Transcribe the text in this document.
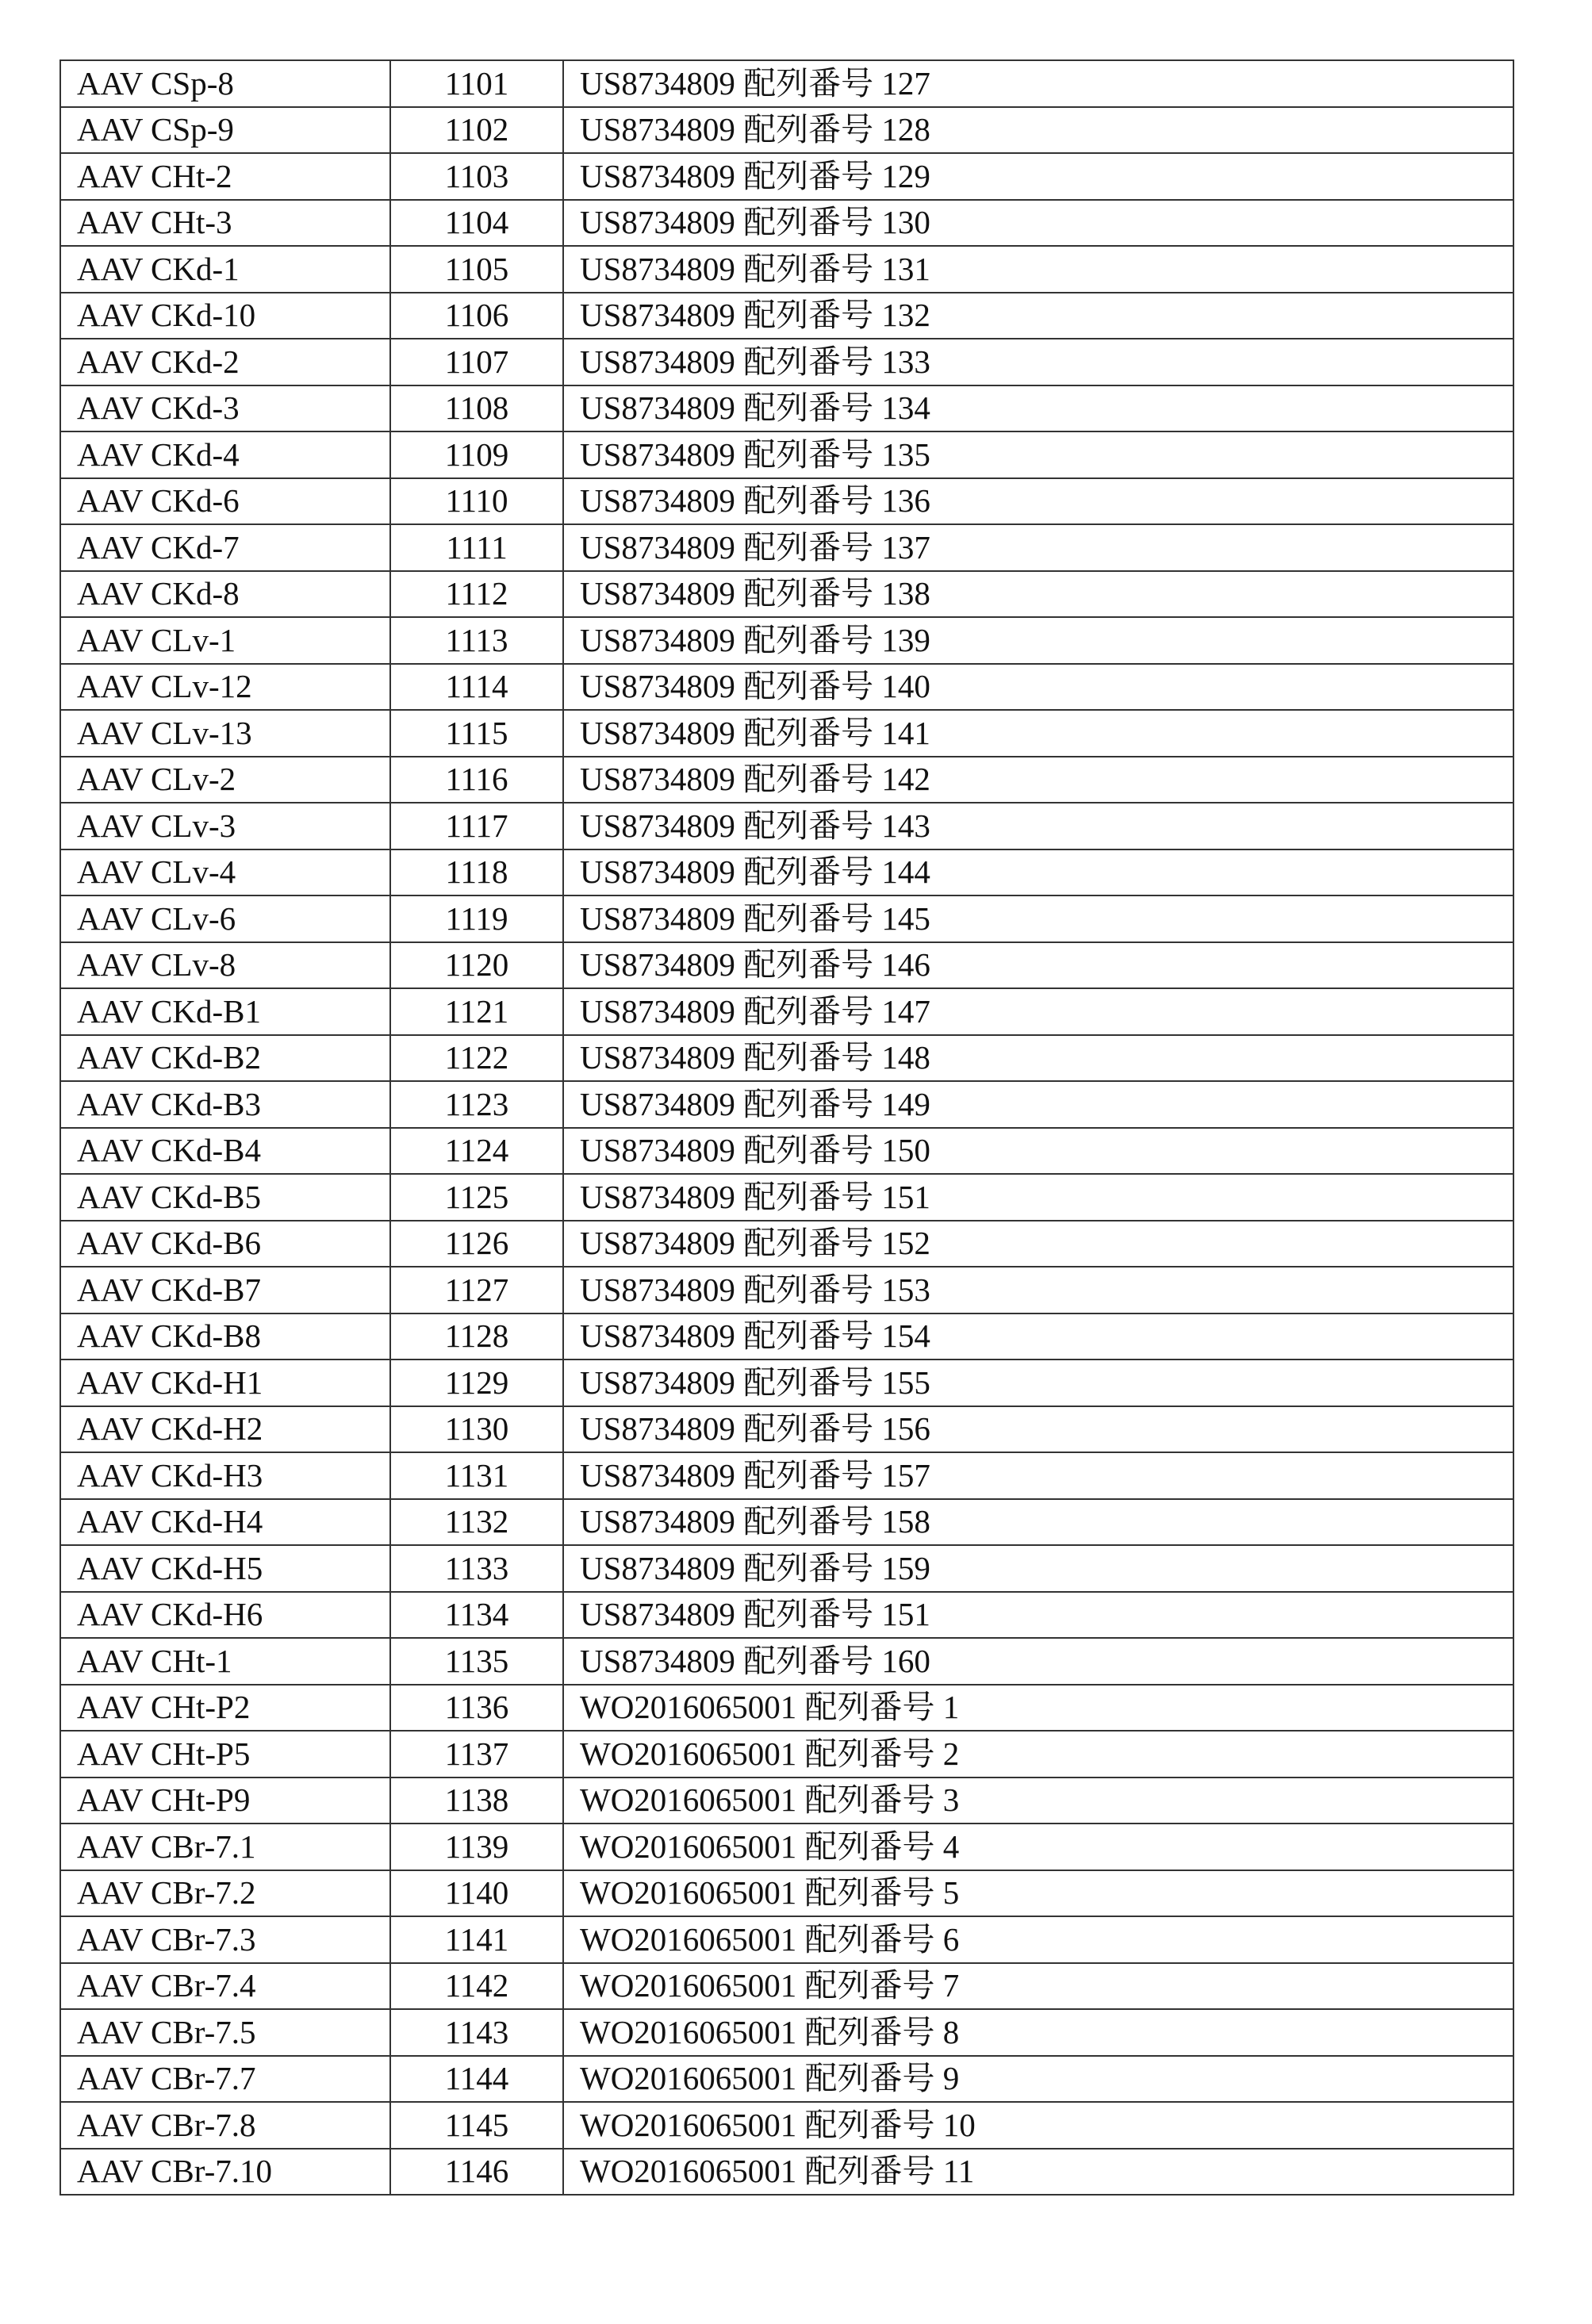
AAV CSp-8	1101	US8734809 配列番号 127
AAV CSp-9	1102	US8734809 配列番号 128
AAV CHt-2	1103	US8734809 配列番号 129
AAV CHt-3	1104	US8734809 配列番号 130
AAV CKd-1	1105	US8734809 配列番号 131
AAV CKd-10	1106	US8734809 配列番号 132
AAV CKd-2	1107	US8734809 配列番号 133
AAV CKd-3	1108	US8734809 配列番号 134
AAV CKd-4	1109	US8734809 配列番号 135
AAV CKd-6	1110	US8734809 配列番号 136
AAV CKd-7	1111	US8734809 配列番号 137
AAV CKd-8	1112	US8734809 配列番号 138
AAV CLv-1	1113	US8734809 配列番号 139
AAV CLv-12	1114	US8734809 配列番号 140
AAV CLv-13	1115	US8734809 配列番号 141
AAV CLv-2	1116	US8734809 配列番号 142
AAV CLv-3	1117	US8734809 配列番号 143
AAV CLv-4	1118	US8734809 配列番号 144
AAV CLv-6	1119	US8734809 配列番号 145
AAV CLv-8	1120	US8734809 配列番号 146
AAV CKd-B1	1121	US8734809 配列番号 147
AAV CKd-B2	1122	US8734809 配列番号 148
AAV CKd-B3	1123	US8734809 配列番号 149
AAV CKd-B4	1124	US8734809 配列番号 150
AAV CKd-B5	1125	US8734809 配列番号 151
AAV CKd-B6	1126	US8734809 配列番号 152
AAV CKd-B7	1127	US8734809 配列番号 153
AAV CKd-B8	1128	US8734809 配列番号 154
AAV CKd-H1	1129	US8734809 配列番号 155
AAV CKd-H2	1130	US8734809 配列番号 156
AAV CKd-H3	1131	US8734809 配列番号 157
AAV CKd-H4	1132	US8734809 配列番号 158
AAV CKd-H5	1133	US8734809 配列番号 159
AAV CKd-H6	1134	US8734809 配列番号 151
AAV CHt-1	1135	US8734809 配列番号 160
AAV CHt-P2	1136	WO2016065001 配列番号 1
AAV CHt-P5	1137	WO2016065001 配列番号 2
AAV CHt-P9	1138	WO2016065001 配列番号 3
AAV CBr-7.1	1139	WO2016065001 配列番号 4
AAV CBr-7.2	1140	WO2016065001 配列番号 5
AAV CBr-7.3	1141	WO2016065001 配列番号 6
AAV CBr-7.4	1142	WO2016065001 配列番号 7
AAV CBr-7.5	1143	WO2016065001 配列番号 8
AAV CBr-7.7	1144	WO2016065001 配列番号 9
AAV CBr-7.8	1145	WO2016065001 配列番号 10
AAV CBr-7.10	1146	WO2016065001 配列番号 11
